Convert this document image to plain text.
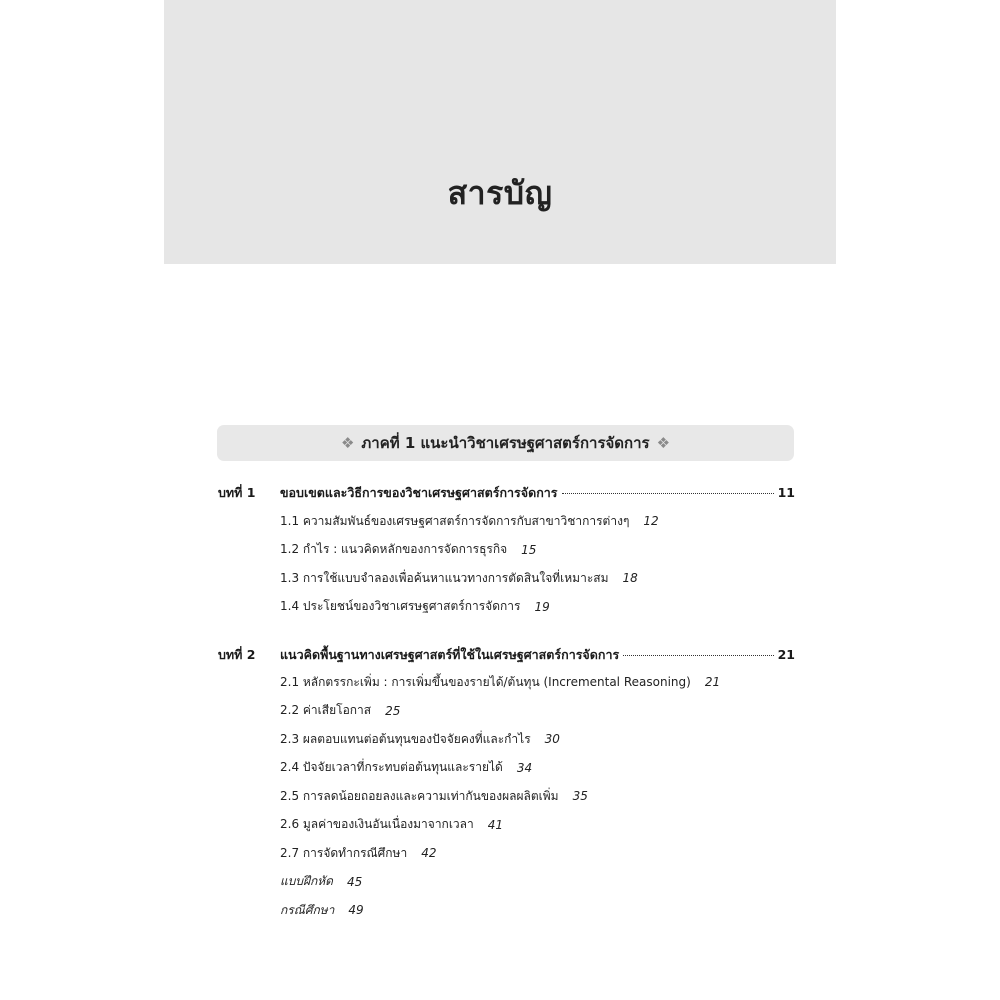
สารบัญ
❖ ภาคที่ 1 แนะนำวิชาเศรษฐศาสตร์การจัดการ ❖
บทที่ 1	ขอบเขตและวิธีการของวิชาเศรษฐศาสตร์การจัดการ	11
1.1 ความสัมพันธ์ของเศรษฐศาสตร์การจัดการกับสาขาวิชาการต่างๆ 12
1.2 กำไร : แนวคิดหลักของการจัดการธุรกิจ 15
1.3 การใช้แบบจำลองเพื่อค้นหาแนวทางการตัดสินใจที่เหมาะสม 18
1.4 ประโยชน์ของวิชาเศรษฐศาสตร์การจัดการ 19
บทที่ 2	แนวคิดพื้นฐานทางเศรษฐศาสตร์ที่ใช้ในเศรษฐศาสตร์การจัดการ	21
2.1 หลักตรรกะเพิ่ม : การเพิ่มขึ้นของรายได้/ต้นทุน (Incremental Reasoning) 21
2.2 ค่าเสียโอกาส 25
2.3 ผลตอบแทนต่อต้นทุนของปัจจัยคงที่และกำไร 30
2.4 ปัจจัยเวลาที่กระทบต่อต้นทุนและรายได้ 34
2.5 การลดน้อยถอยลงและความเท่ากันของผลผลิตเพิ่ม 35
2.6 มูลค่าของเงินอันเนื่องมาจากเวลา 41
2.7 การจัดทำกรณีศึกษา 42
แบบฝึกหัด 45
กรณีศึกษา 49
